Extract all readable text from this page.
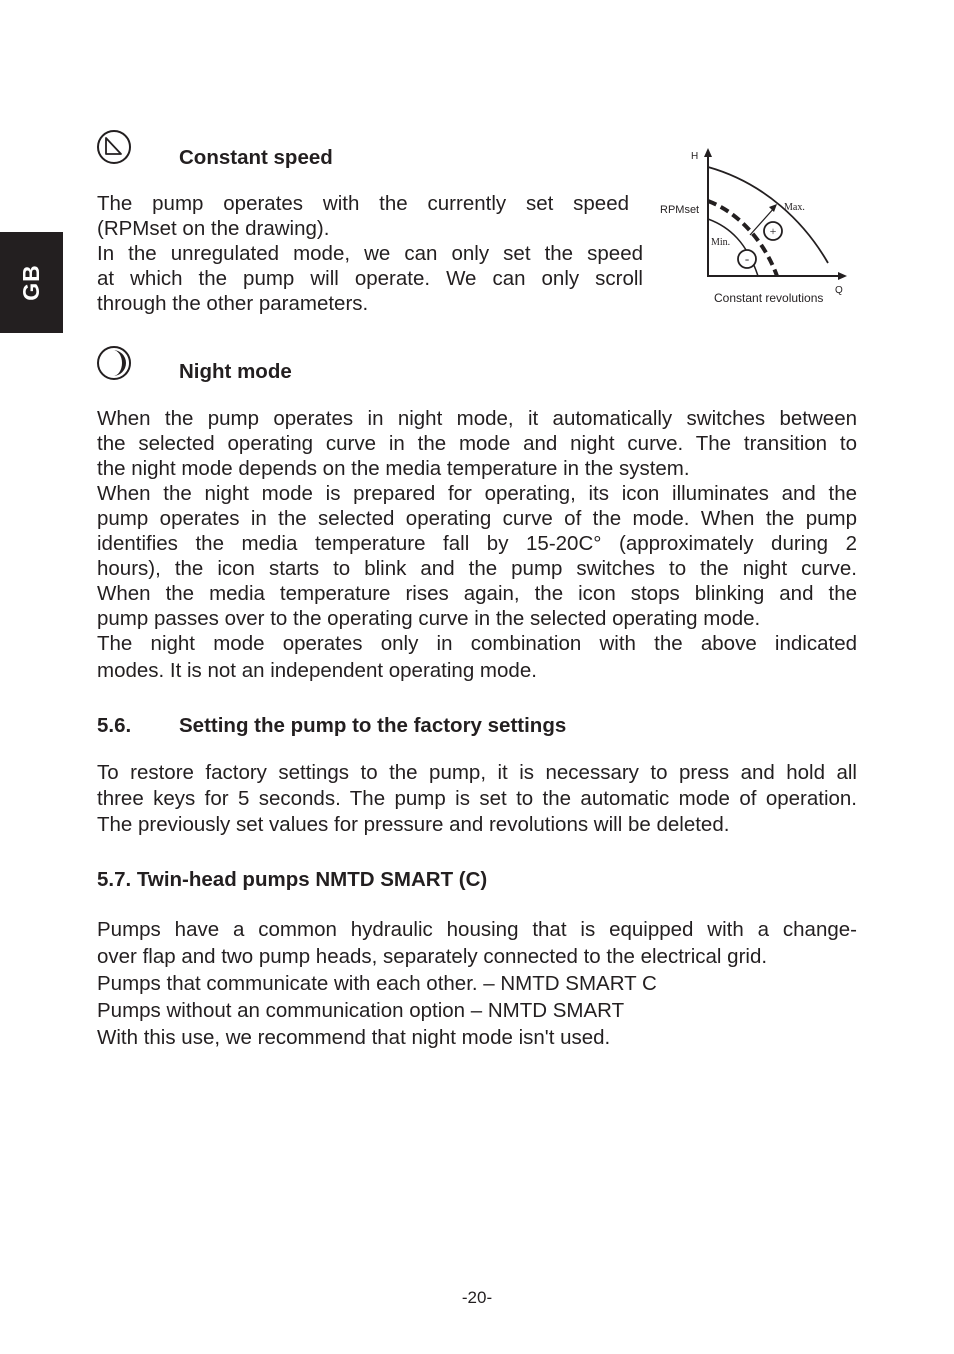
GB
Constant speed

The pump operates with the currently set speed
(RPMset on the drawing).

In the unregulated mode, we can only set the speed
at which the pump will operate. We can only scroll
through the other parameters.

H
Q
RPMset	Max.
Min.
+
-
Constant revolutions
Night mode

When the pump operates in night mode, it automatically switches between
the selected operating curve in the mode and night curve. The transition to
the night mode depends on the media temperature in the system.
When the night mode is prepared for operating, its icon illuminates and the
pump operates in the selected operating curve of the mode. When the pump
identifies the media temperature fall by 15-20C° (approximately during 2
hours), the icon starts to blink and the pump switches to the night curve.
When the media temperature rises again, the icon stops blinking and the
pump passes over to the operating curve in the selected operating mode.
The night mode operates only in combination with the above indicated
modes. It is not an independent operating mode.

5.6. Setting the pump to the factory settings

To restore factory settings to the pump, it is necessary to press and hold all
three keys for 5 seconds. The pump is set to the automatic mode of operation.
The previously set values for pressure and revolutions will be deleted.

5.7. Twin-head pumps NMTD SMART (C)

Pumps have a common hydraulic housing that is equipped with a change-
over flap and two pump heads, separately connected to the electrical grid.
Pumps that communicate with each other. – NMTD SMART C
Pumps without an communication option – NMTD SMART
With this use, we recommend that night mode isn't used.

-20-
